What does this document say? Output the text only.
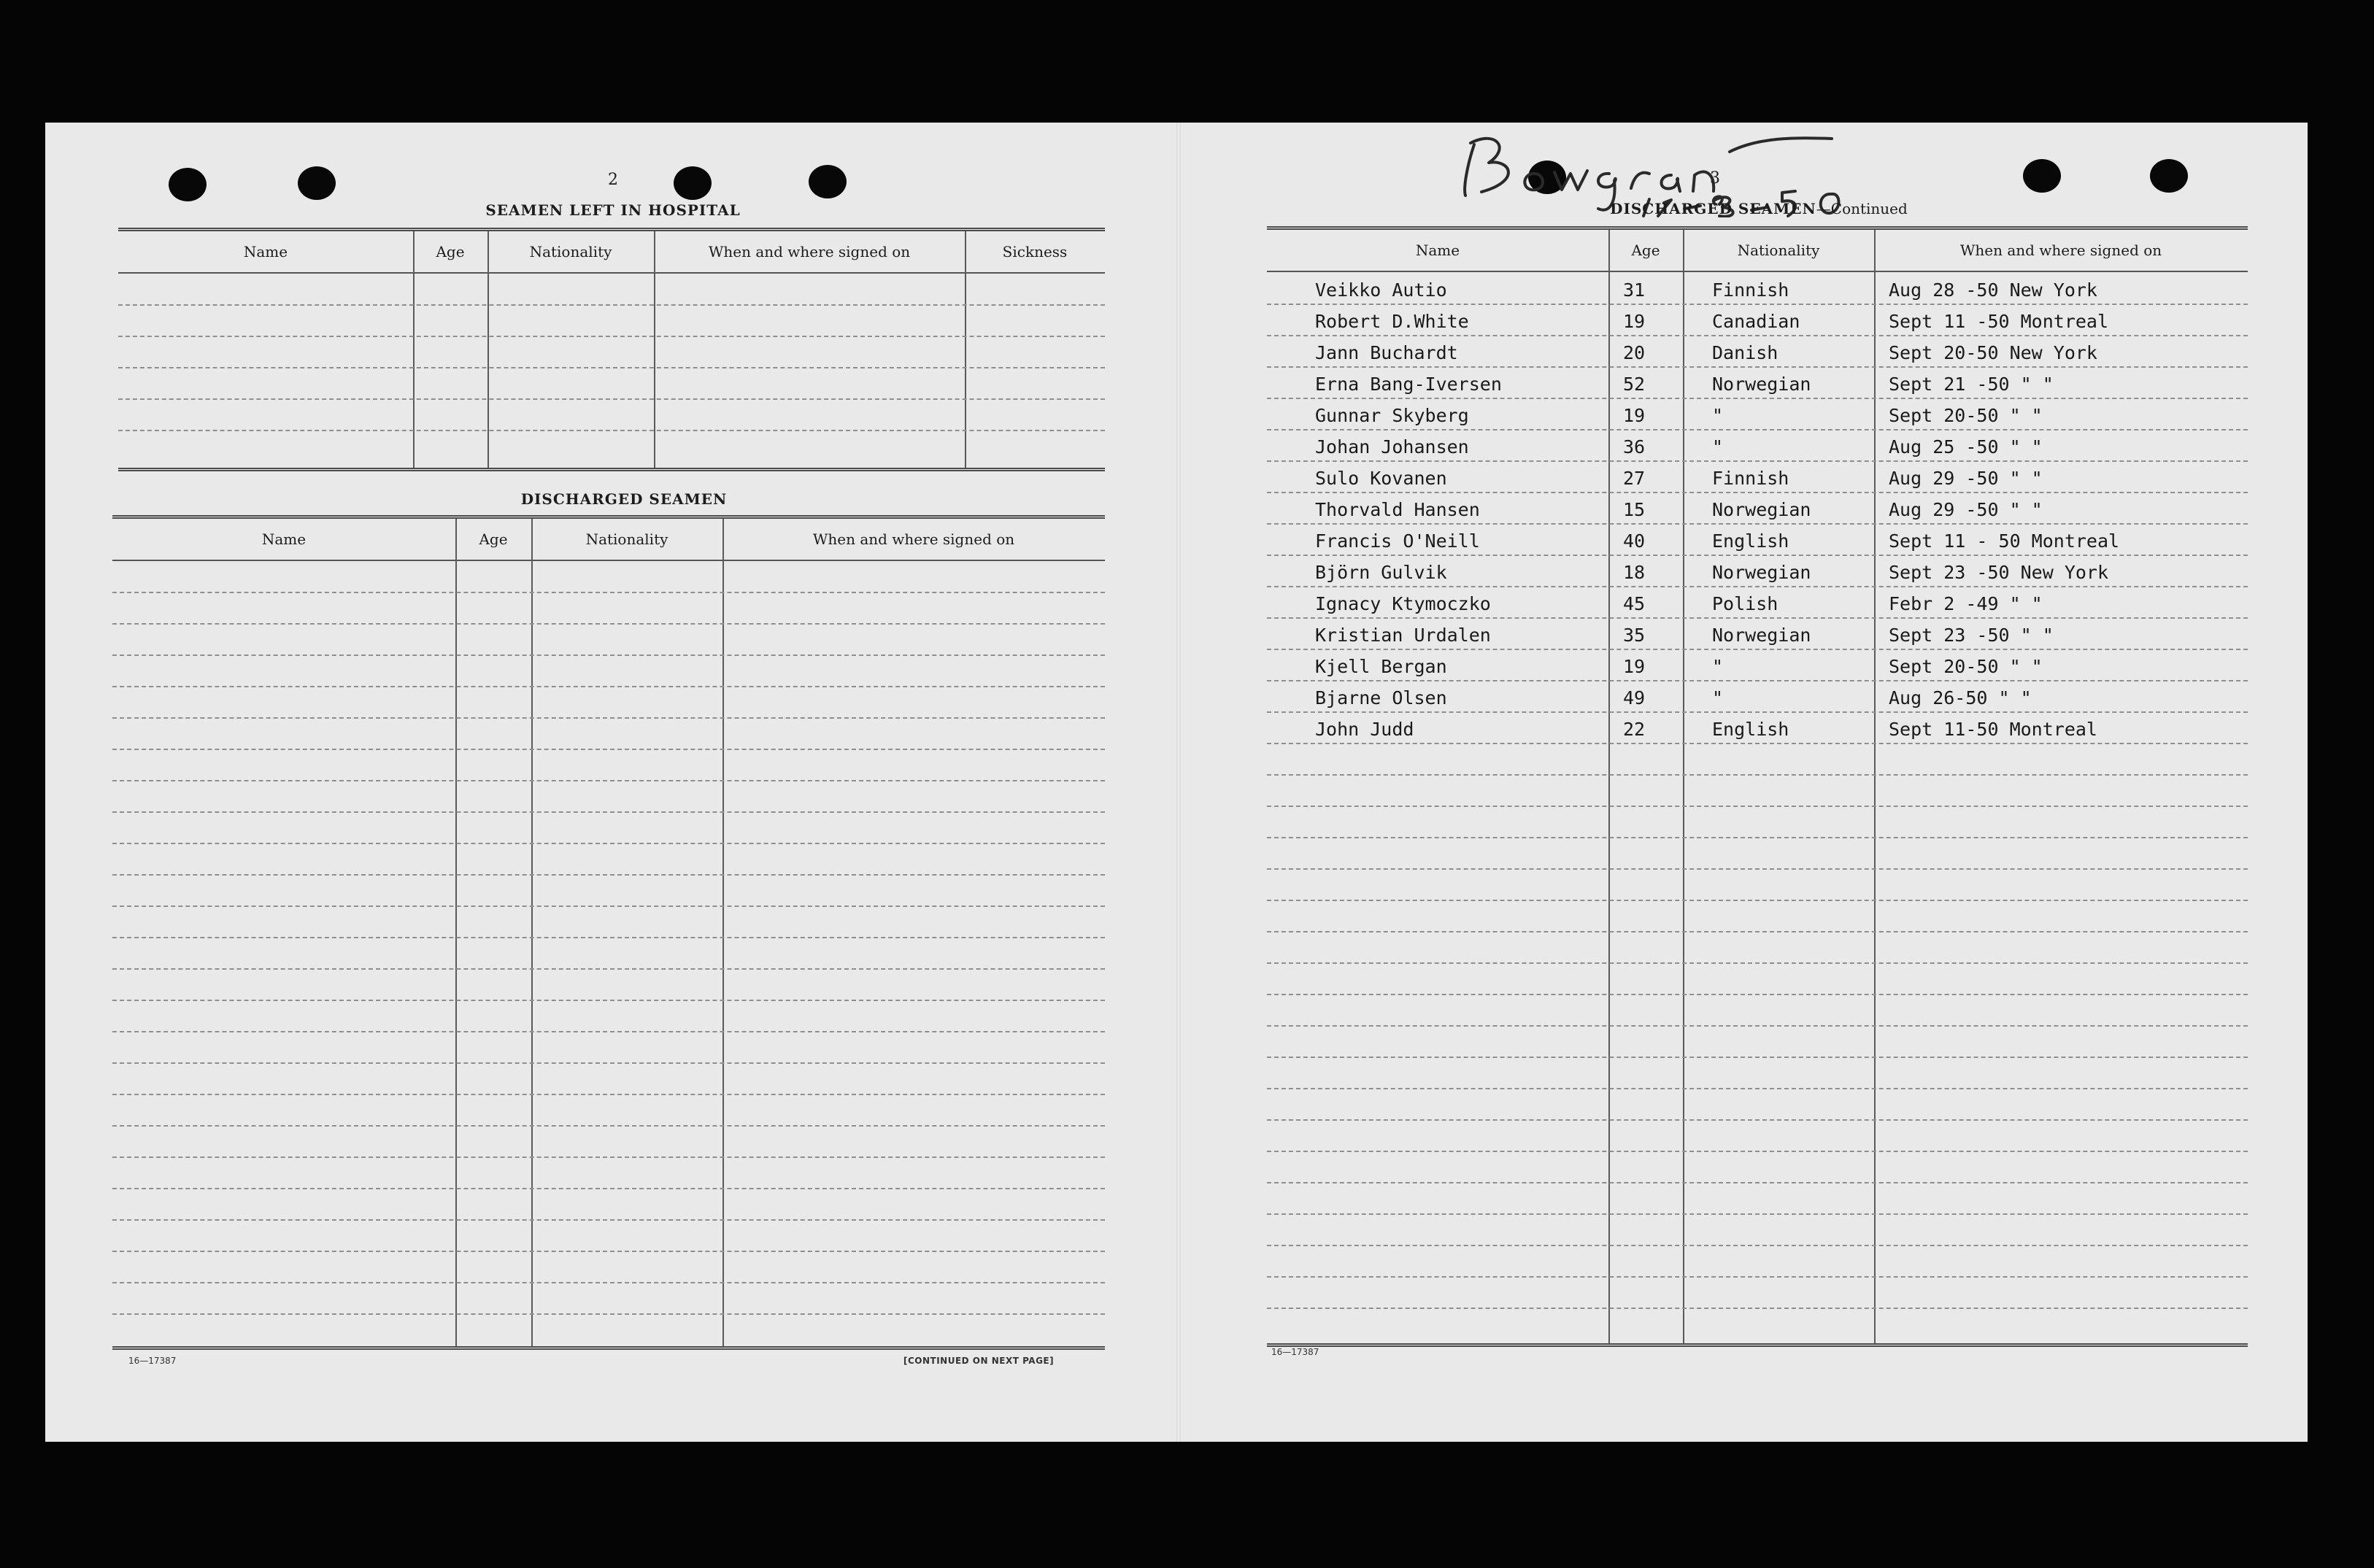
2
SEAMEN LEFT IN HOSPITAL
Name	Age	Nationality	When and where signed on	Sickness
DISCHARGED SEAMEN
Name	Age	Nationality	When and where signed on
16—17387	[CONTINUED ON NEXT PAGE]
3
DISCHARGED SEAMEN—Continued
Name	Age	Nationality	When and where signed on
Veikko Autio	31	Finnish	Aug 28 -50 New York
Robert D.White	19	Canadian	Sept 11 -50 Montreal
Jann Buchardt	20	Danish	Sept 20-50 New York
Erna Bang-Iversen	52	Norwegian	Sept 21 -50 " "
Gunnar Skyberg	19	"	Sept 20-50 " "
Johan Johansen	36	"	Aug 25 -50 " "
Sulo Kovanen	27	Finnish	Aug 29 -50 " "
Thorvald Hansen	15	Norwegian	Aug 29 -50 " "
Francis O'Neill	40	English	Sept 11 - 50 Montreal
Björn Gulvik	18	Norwegian	Sept 23 -50 New York
Ignacy Ktymoczko	45	Polish	Febr 2 -49 " "
Kristian Urdalen	35	Norwegian	Sept 23 -50 " "
Kjell Bergan	19	"	Sept 20-50 " "
Bjarne Olsen	49	"	Aug 26-50 " "
John Judd	22	English	Sept 11-50 Montreal
16—17387
